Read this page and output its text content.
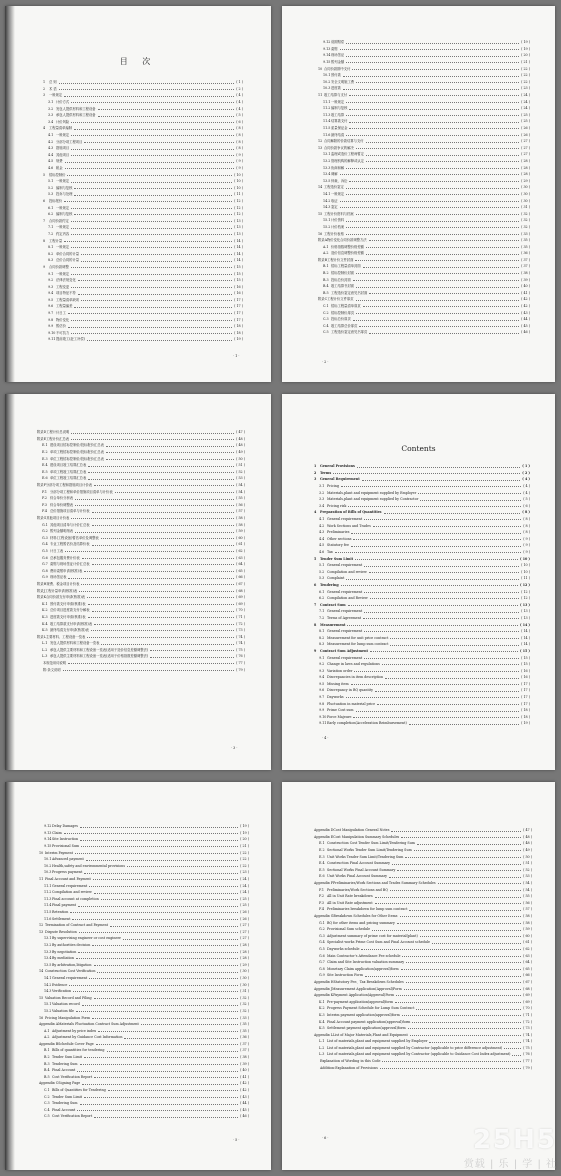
目 次
1	总 则	( 1 )
2	术 语	( 2 )
3	一般规定	( 4 )
3.1 计价方式	( 4 )
3.2 发包人提供材料和工程设备	( 4 )
3.3 承包人提供材料和工程设备	( 5 )
3.4 计价风险	( 6 )
4	工程量清单编制	( 8 )
4.1 一般规定	( 8 )
4.2 分部分项工程项目	( 8 )
4.3 措施项目	( 8 )
4.4 其他项目	( 9 )
4.5 规费	( 9 )
4.6 税金	( 9 )
5	招标控制价	( 10 )
5.1 一般规定	( 10 )
5.2 编制与复核	( 10 )
5.3 投诉与处理	( 11 )
6	投标报价	( 12 )
6.1 一般规定	( 12 )
6.2 编制与复核	( 12 )
7	合同价款约定	( 13 )
7.1 一般规定	( 13 )
7.2 约定内容	( 13 )
8	工程计量	( 14 )
8.1 一般规定	( 14 )
8.2 单价合同的计量	( 14 )
8.3 总价合同的计量	( 14 )
9	合同价款调整	( 15 )
9.1 一般规定	( 15 )
9.2 法律法规变化	( 15 )
9.3 工程变更	( 16 )
9.4 项目特征不符	( 16 )
9.5 工程量清单缺项	( 17 )
9.6 工程量偏差	( 17 )
9.7 计日工	( 17 )
9.8 物价变化	( 17 )
9.9 暂估价	( 18 )
9.10 不可抗力	( 18 )
9.11 提前竣工(赶工补偿)	( 19 )
· 1 ·
9.12 误期赔偿	( 19 )
9.13 索赔	( 19 )
9.14 现场签证	( 20 )
9.15 暂列金额	( 21 )
10 合同价款期中支付	( 22 )
10.1 预付款	( 22 )
10.2 安全文明施工费	( 22 )
10.3 进度款	( 23 )
11 竣工结算与支付	( 24 )
11.1 一般规定	( 24 )
11.2 编制与复核	( 24 )
11.3 竣工结算	( 25 )
11.4 结算款支付	( 25 )
11.5 质量保证金	( 26 )
11.6 最终结清	( 26 )
12 合同解除的价款结算与支付	( 27 )
13 合同价款争议的解决	( 27 )
13.1 监理或造价工程师暂定	( 27 )
13.2 管理机构的解释或认定	( 28 )
13.3 协商和解	( 28 )
13.4 调解	( 28 )
13.5 仲裁、诉讼	( 29 )
14 工程造价鉴定	( 30 )
14.1 一般规定	( 30 )
14.2 取证	( 30 )
14.3 鉴定	( 31 )
15 工程计价资料与档案	( 32 )
15.1 计价资料	( 32 )
15.2 计价档案	( 32 )
16 工程计价表格	( 33 )
附录A 物价变化合同价款调整方法	( 35 )
A.1 价格指数调整价格差额	( 35 )
A.2 造价信息调整价格差额	( 36 )
附录B 工程计价文件封面	( 37 )
B.1 招标工程量清单封面	( 37 )
B.2 招标控制价封面	( 38 )
B.3 投标总价封面	( 39 )
B.4 竣工结算书封面	( 40 )
B.5 工程造价鉴定意见书封面	( 41 )
附录C 工程计价文件扉页	( 42 )
C.1 招标工程量清单扉页	( 42 )
C.2 招标控制价扉页	( 43 )
C.3 投标总价扉页	( 44 )
C.4 竣工结算总价扉页	( 45 )
C.5 工程造价鉴定意见书扉页	( 46 )
· 2 ·
附录D 工程计价总说明	( 47 )
附录E 工程计价汇总表	( 48 )
E.1 建设项目招标控制价/投标报价汇总表	( 48 )
E.2 单项工程招标控制价/投标报价汇总表	( 49 )
E.3 单位工程招标控制价/投标报价汇总表	( 50 )
E.4 建设项目竣工结算汇总表	( 51 )
E.5 单项工程竣工结算汇总表	( 52 )
E.6 单位工程竣工结算汇总表	( 53 )
附录F 分部分项工程和措施项目计价表	( 54 )
F.1 分部分项工程和单价措施项目清单与计价表	( 54 )
F.2 综合单价分析表	( 55 )
F.3 综合单价调整表	( 56 )
F.4 总价措施项目清单与计价表	( 57 )
附录G 其他项目计价表	( 58 )
G.1 其他项目清单与计价汇总表	( 58 )
G.2 暂列金额明细表	( 59 )
G.3 材料(工程设备)暂估单价及调整表	( 60 )
G.4 专业工程暂估价及结算价表	( 61 )
G.5 计日工表	( 62 )
G.6 总承包服务费计价表	( 63 )
G.7 索赔与现场签证计价汇总表	( 64 )
G.8 费用索赔申请(核准)表	( 65 )
G.9 现场签证表	( 66 )
附录H 规费、税金项目计价表	( 67 )
附录J 工程计量申请(核准)表	( 68 )
附录K 合同价款支付申请(核准)表	( 69 )
K.1 预付款支付申请(核准)表	( 69 )
K.2 总价项目进度款支付分解表	( 70 )
K.3 进度款支付申请(核准)表	( 71 )
K.4 竣工结算款支付申请(核准)表	( 72 )
K.5 最终结清支付申请(核准)表	( 73 )
附录L 主要材料、工程设备一览表	( 74 )
L.1 发包人提供材料和工程设备一览表	( 74 )
L.2 承包人提供主要材料和工程设备一览表(适用于造价信息差额调整法)	( 75 )
L.3 承包人提供主要材料和工程设备一览表(适用于价格指数差额调整法)	( 76 )
本规范用词说明	( 77 )
附:条文说明	( 79 )
· 3 ·
Contents
1	General Provisions	( 1 )
2	Terms	( 2 )
3	General Requirement	( 4 )
3.1 Pricing	( 4 )
3.2 Materials,plant and equipment supplied by Employer	( 4 )
3.3 Materials,plant and equipment supplied by Contractor	( 5 )
3.4 Pricing risk	( 6 )
4	Preparation of Bills of Quantities	( 8 )
4.1 General requirement	( 8 )
4.2 Work Sections and Trades	( 8 )
4.3 Preliminaries	( 8 )
4.4 Other sections	( 9 )
4.5 Statutory fee	( 9 )
4.6 Tax	( 9 )
5	Tender Sum Limit	( 10 )
5.1 General requirement	( 10 )
5.2 Compilation and review	( 10 )
5.3 Complaint	( 11 )
6	Tendering	( 12 )
6.1 General requirement	( 12 )
6.2 Compilation and Review	( 12 )
7	Contract Sum	( 13 )
7.1 General requirement	( 13 )
7.2 Terms of Agreement	( 13 )
8	Measurement	( 14 )
8.1 General requirement	( 14 )
8.2 Measurement for unit price contract	( 14 )
8.3 Measurement for lump sum contract	( 14 )
9	Contract Sum Adjustment	( 15 )
9.1 General requirement	( 15 )
9.2 Change in laws and regulations	( 15 )
9.3 Variation order	( 16 )
9.4 Discrepancies in item description	( 16 )
9.5 Missing item	( 17 )
9.6 Discrepancy in BQ quantity	( 17 )
9.7 Dayworks	( 17 )
9.8 Fluctuation in material price	( 17 )
9.9 Prime Cost sum	( 18 )
9.10 Force Majeure	( 18 )
9.11 Early completion(Acceleration Reimbursement)	( 19 )
· 4 ·
9.12 Delay Damages	( 19 )
9.13 Claim	( 19 )
9.14 Site Instruction	( 20 )
9.15 Provisional Sum	( 21 )
10 Interim Payment	( 22 )
10.1 Advanced payment	( 22 )
10.2 Health,safety and environmental provisions	( 22 )
10.3 Progress payment	( 23 )
11 Final Account and Payment	( 24 )
11.1 General requirement	( 24 )
11.2 Compilation and review	( 24 )
11.3 Final account at completion	( 25 )
11.4 Final payment	( 25 )
11.5 Retention	( 26 )
11.6 Settlement	( 26 )
12 Termination of Contract and Payment	( 27 )
13 Dispute Resolution	( 27 )
13.1 By supervising engineer or cost engineer	( 27 )
13.2 By authorities decision	( 28 )
13.3 By negotiation	( 28 )
13.4 By mediation	( 28 )
13.5 By arbitration,litigation	( 29 )
14 Construction Cost Verification	( 30 )
14.1 General requirement	( 30 )
14.2 Evidence	( 30 )
14.3 Verification	( 31 )
15 Valuation Record and Filing	( 32 )
15.1 Valuation record	( 32 )
15.2 Valuation file	( 32 )
16 Pricing Manipulation Form	( 33 )
Appendix A Materials Fluctuation Contract Sum Adjustment	( 35 )
A.1 Adjustment by price index	( 35 )
A.2 Adjustment by Guidance Cost Information	( 36 )
Appendix B Schedule Cover Page	( 37 )
B.1 Bills of quantities for tendering	( 37 )
B.2 Tender Sum Limit	( 38 )
B.3 Tendering Sum	( 39 )
B.4 Final Account	( 40 )
B.5 Cost Verification Report	( 41 )
Appendix C Signing Page	( 42 )
C.1 Bills of Quantities for Tendering	( 42 )
C.2 Tender Sum Limit	( 43 )
C.3 Tendering Sum	( 44 )
C.4 Final Account	( 45 )
C.5 Cost Verification Report	( 46 )
· 5 ·
Appendix D Cost Manipulation General Notes	( 47 )
Appendix E Cost Manipulation Summary Schedules	( 48 )
E.1 Construction Cost Tender Sum Limit/Tendering Sum	( 48 )
E.2 Sectional Works Tender Sum Limit/Tendering Sum	( 49 )
E.3 Unit Works Tender Sum Limit/Tendering Sum	( 50 )
E.4 Construction Final Account Summary	( 51 )
E.5 Sectional Works Final Account Summary	( 52 )
E.6 Unit Works Final Account Summary	( 53 )
Appendix F Preliminaries/Work Sections and Trades Summary Schedules	( 54 )
F.1 Preliminaries/Work Sections and BQ	( 54 )
F.2 All in Unit Rate breakdown	( 55 )
F.3 All in Unit Rate adjustment	( 56 )
F.4 Preliminaries breakdown for lump sum contract	( 57 )
Appendix G Breakdown Schedules for Other Items	( 58 )
G.1 BQ for other items and pricing summary	( 58 )
G.2 Provisional Sum schedule	( 59 )
G.3 Adjustment summary of prime cost for material(plant)	( 60 )
G.4 Specialist works Prime Cost Sum and Final Account schedule	( 61 )
G.5 Dayworks schedule	( 62 )
G.6 Main Contractor's Attendance Fee schedule	( 63 )
G.7 Claim and Site Instruction valuation summary	( 64 )
G.8 Monetary Claim application(approval)form	( 65 )
G.9 Site Instruction Form	( 66 )
Appendix H Statutory Fee、Tax Breakdown Schedules	( 67 )
Appendix J Measurement Application(Approval)Form	( 68 )
Appendix K Payment Application(Approval)Form	( 69 )
K.1 Pre-payment application(approval)form	( 69 )
K.2 Progress Payment Schedule for Lump Sum Contract	( 70 )
K.3 Interim payment application(approval)form	( 71 )
K.4 Final Account payment application(approval)form	( 72 )
K.5 Settlement payment application(approval)form	( 73 )
Appendix L List of Major Materials,Plant and Equipment	( 74 )
L.1 List of materials,plant and equipment supplied by Employer	( 74 )
L.2 List of materials,plant and equipment supplied by Contractor (applicable to price difference adjustment)	( 75 )
L.3 List of materials,plant and equipment supplied by Contractor (applicable to Guidance Cost Index adjustment)	( 76 )
Explanation of Wording in this Code	( 77 )
Addition:Explanation of Provisions	( 79 )
· 6 ·	25H5
赏载 | 乐 | 学 | 社
